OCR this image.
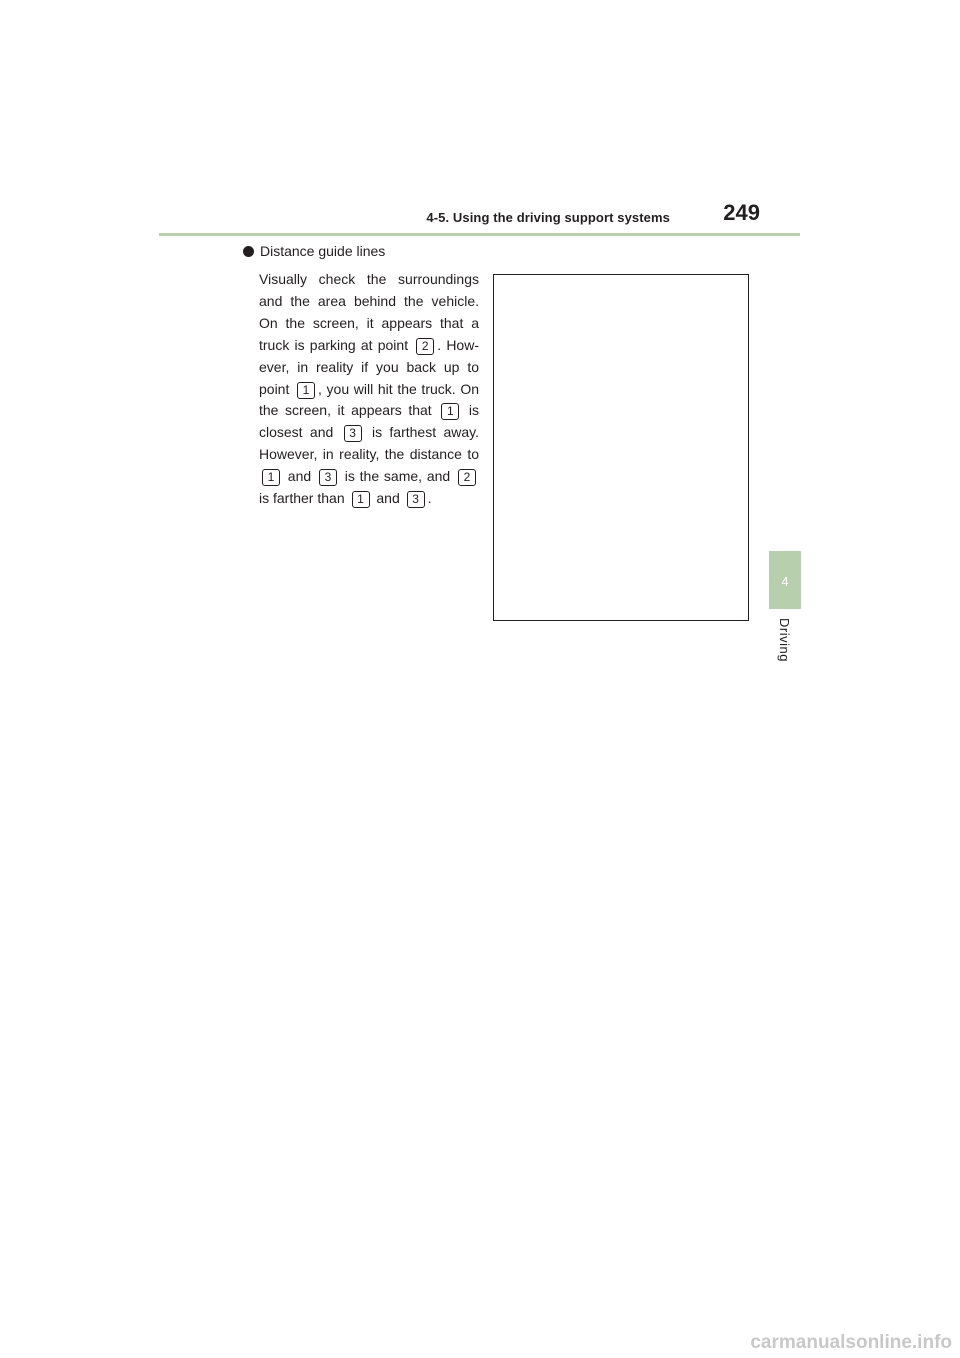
4-5. Using the driving support systems	249
4
Driving
Distance guide lines
Visually check the surroundings and the area behind the vehicle. On the screen, it appears that a truck is parking at point 2 . How-ever, in reality if you back up to point 1 , you will hit the truck. On the screen, it appears that 1 is closest and 3 is farthest away. However, in reality, the distance to 1 and 3 is the same, and 2 is farther than 1 and 3 .
carmanualsonline.info
